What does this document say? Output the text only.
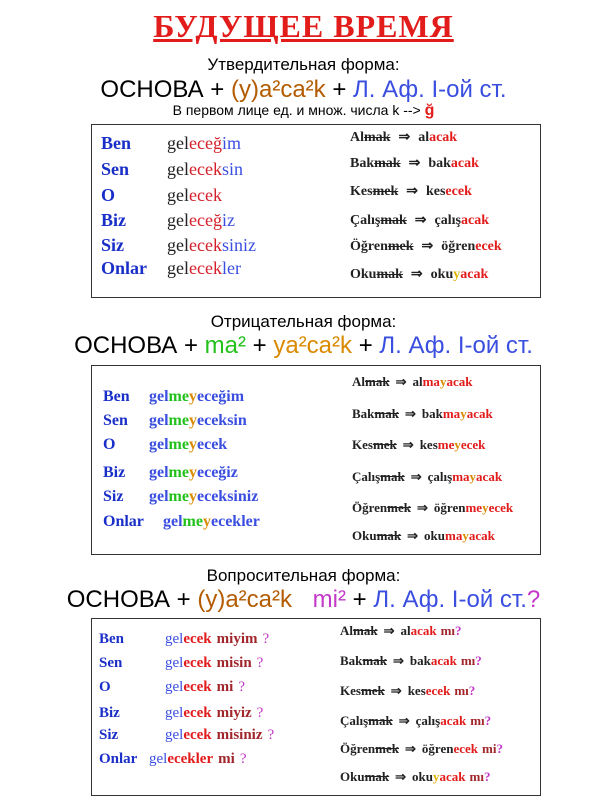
БУДУЩЕЕ ВРЕМЯ
Утвердительная форма:
ОСНОВА + (y)a²ca²k + Л. Аф. I-ой ст.
В первом лице ед. и множ. числа k --> ğ
Ben geleceğim
Sen geleceksin
O	gelecek
Biz geleceğiz
Siz geleceksiniz
Onlar gelecekler
Almak ⇒ alacak
Bakmak ⇒ bakacak
Kesmek ⇒ kesecek
Çalışmak ⇒ çalışacak
Öğrenmek ⇒ öğrenecek
Okumak ⇒ okuyacak
Отрицательная форма:
ОСНОВА + ma² + ya²ca²k + Л. Аф. I-ой ст.
Ben gelmeyeceğim
Sen gelmeyeceksin
O gelmeyecek
Biz gelmeyeceğiz
Siz gelmeyeceksiniz
Onlar gelmeyecekler
Almak ⇒ almayacak
Bakmak ⇒ bakmayacak
Kesmek ⇒ kesmeyecek
Çalışmak ⇒ çalışmayacak
Öğrenmek ⇒ öğrenmeyecek
Okumak ⇒ okumayacak
Вопросительная форма:
ОСНОВА + (y)a²ca²k mi² + Л. Аф. I-ой ст.?
Ben	gelecek miyim ?
Sen	gelecek misin ?
O	gelecek mi ?
Biz	gelecek miyiz ?
Siz	gelecek misiniz ?
Onlar gelecekler mi ?
Almak ⇒ alacak mı?
Bakmak ⇒ bakacak mı?
Kesmek ⇒ kesecek mı?
Çalışmak ⇒ çalışacak mı?
Öğrenmek ⇒ öğrenecek mi?
Okumak ⇒ okuyacak mı?
